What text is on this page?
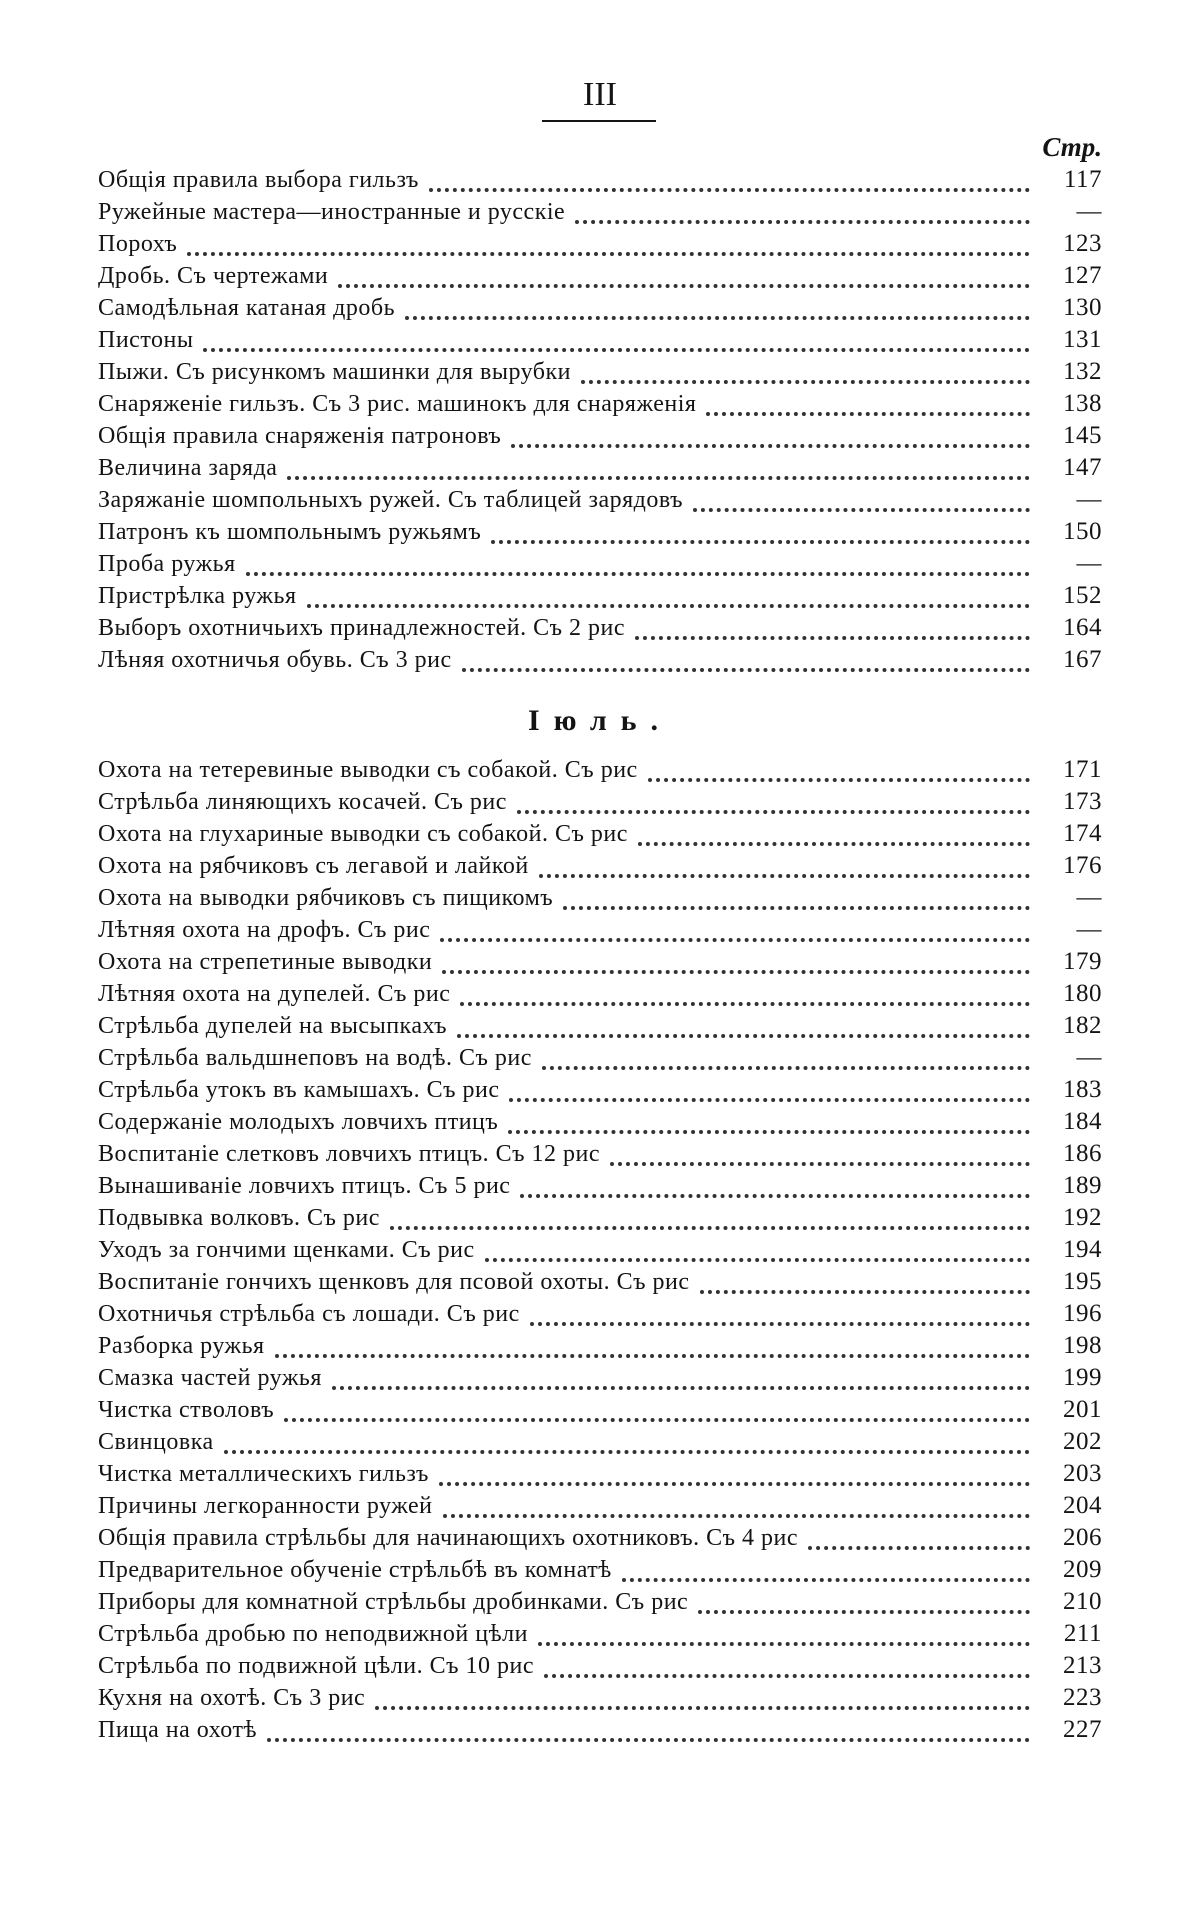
III
Стр.
Общія правила выбора гильзъ	117
Ружейные мастера—иностранные и русскіе	—
Порохъ	123
Дробь. Съ чертежами	127
Самодѣльная катаная дробь	130
Пистоны	131
Пыжи. Съ рисункомъ машинки для вырубки	132
Снаряженіе гильзъ. Съ 3 рис. машинокъ для снаряженія	138
Общія правила снаряженія патроновъ	145
Величина заряда	147
Заряжаніе шомпольныхъ ружей. Съ таблицей зарядовъ	—
Патронъ къ шомпольнымъ ружьямъ	150
Проба ружья	—
Пристрѣлка ружья	152
Выборъ охотничьихъ принадлежностей. Съ 2 рис	164
Лѣняя охотничья обувь. Съ 3 рис	167
Іюль.
Охота на тетеревиные выводки съ собакой. Съ рис	171
Стрѣльба линяющихъ косачей. Съ рис	173
Охота на глухариные выводки съ собакой. Съ рис	174
Охота на рябчиковъ съ легавой и лайкой	176
Охота на выводки рябчиковъ съ пищикомъ	—
Лѣтняя охота на дрофъ. Съ рис	—
Охота на стрепетиные выводки	179
Лѣтняя охота на дупелей. Съ рис	180
Стрѣльба дупелей на высыпкахъ	182
Стрѣльба вальдшнеповъ на водѣ. Съ рис	—
Стрѣльба утокъ въ камышахъ. Съ рис	183
Содержаніе молодыхъ ловчихъ птицъ	184
Воспитаніе слетковъ ловчихъ птицъ. Съ 12 рис	186
Вынашиваніе ловчихъ птицъ. Съ 5 рис	189
Подвывка волковъ. Съ рис	192
Уходъ за гончими щенками. Съ рис	194
Воспитаніе гончихъ щенковъ для псовой охоты. Съ рис	195
Охотничья стрѣльба съ лошади. Съ рис	196
Разборка ружья	198
Смазка частей ружья	199
Чистка стволовъ	201
Свинцовка	202
Чистка металлическихъ гильзъ	203
Причины легкоранности ружей	204
Общія правила стрѣльбы для начинающихъ охотниковъ. Съ 4 рис	206
Предварительное обученіе стрѣльбѣ въ комнатѣ	209
Приборы для комнатной стрѣльбы дробинками. Съ рис	210
Стрѣльба дробью по неподвижной цѣли	211
Стрѣльба по подвижной цѣли. Съ 10 рис	213
Кухня на охотѣ. Съ 3 рис	223
Пища на охотѣ	227
